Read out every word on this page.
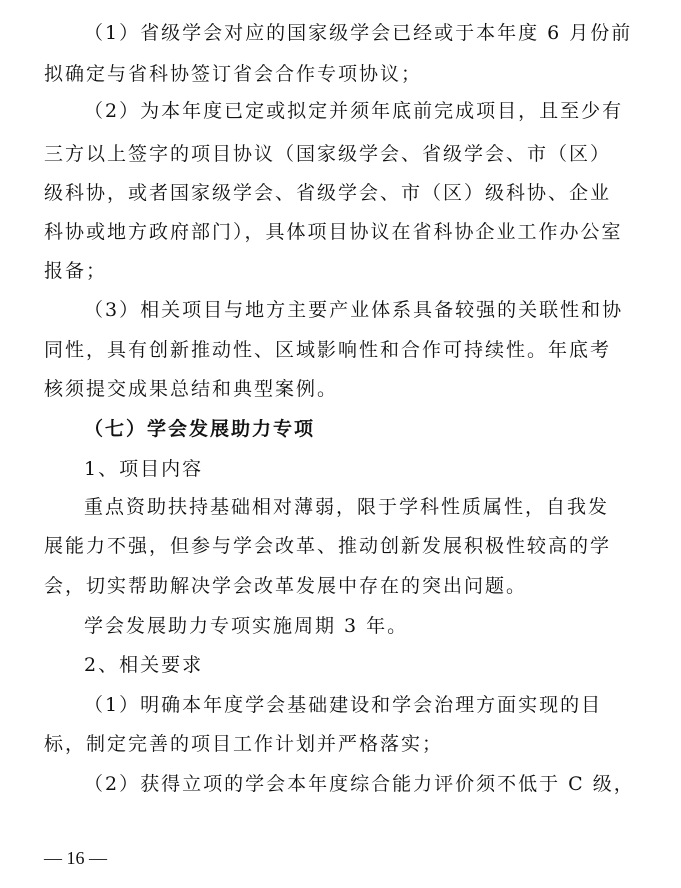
（1）省级学会对应的国家级学会已经或于本年度 6 月份前
拟确定与省科协签订省会合作专项协议；
（2）为本年度已定或拟定并须年底前完成项目，且至少有
三方以上签字的项目协议（国家级学会、省级学会、市（区）
级科协，或者国家级学会、省级学会、市（区）级科协、企业
科协或地方政府部门），具体项目协议在省科协企业工作办公室
报备；
（3）相关项目与地方主要产业体系具备较强的关联性和协
同性，具有创新推动性、区域影响性和合作可持续性。年底考
核须提交成果总结和典型案例。
（七）学会发展助力专项
1、项目内容
重点资助扶持基础相对薄弱，限于学科性质属性，自我发
展能力不强，但参与学会改革、推动创新发展积极性较高的学
会，切实帮助解决学会改革发展中存在的突出问题。
学会发展助力专项实施周期 3 年。
2、相关要求
（1）明确本年度学会基础建设和学会治理方面实现的目
标，制定完善的项目工作计划并严格落实；
（2）获得立项的学会本年度综合能力评价须不低于 C 级，
— 16 —
